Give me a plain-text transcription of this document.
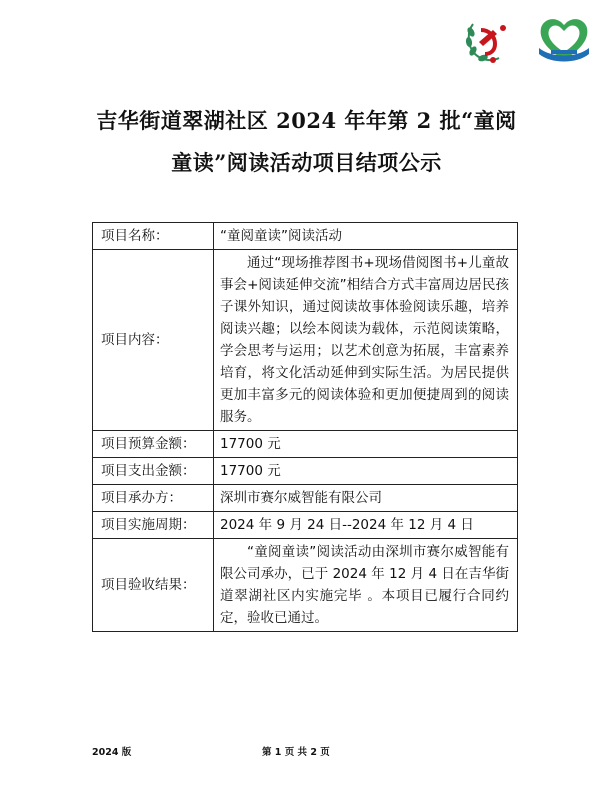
吉华街道翠湖社区 2024 年年第 2 批“童阅
童读”阅读活动项目结项公示
项目名称：	“童阅童读”阅读活动
项目内容：	通过“现场推荐图书+现场借阅图书+儿童故事会+阅读延伸交流”相结合方式丰富周边居民孩子课外知识，通过阅读故事体验阅读乐趣，培养阅读兴趣；以绘本阅读为载体，示范阅读策略，学会思考与运用；以艺术创意为拓展，丰富素养培育，将文化活动延伸到实际生活。为居民提供更加丰富多元的阅读体验和更加便捷周到的阅读服务。
项目预算金额：	17700 元
项目支出金额：	17700 元
项目承办方：	深圳市赛尔威智能有限公司
项目实施周期：	2024 年 9 月 24 日--2024 年 12 月 4 日
项目验收结果：	“童阅童读”阅读活动由深圳市赛尔威智能有限公司承办，已于 2024 年 12 月 4 日在吉华街道翠湖社区内实施完毕 。本项目已履行合同约定，验收已通过。
2024 版	第 1 页 共 2 页
